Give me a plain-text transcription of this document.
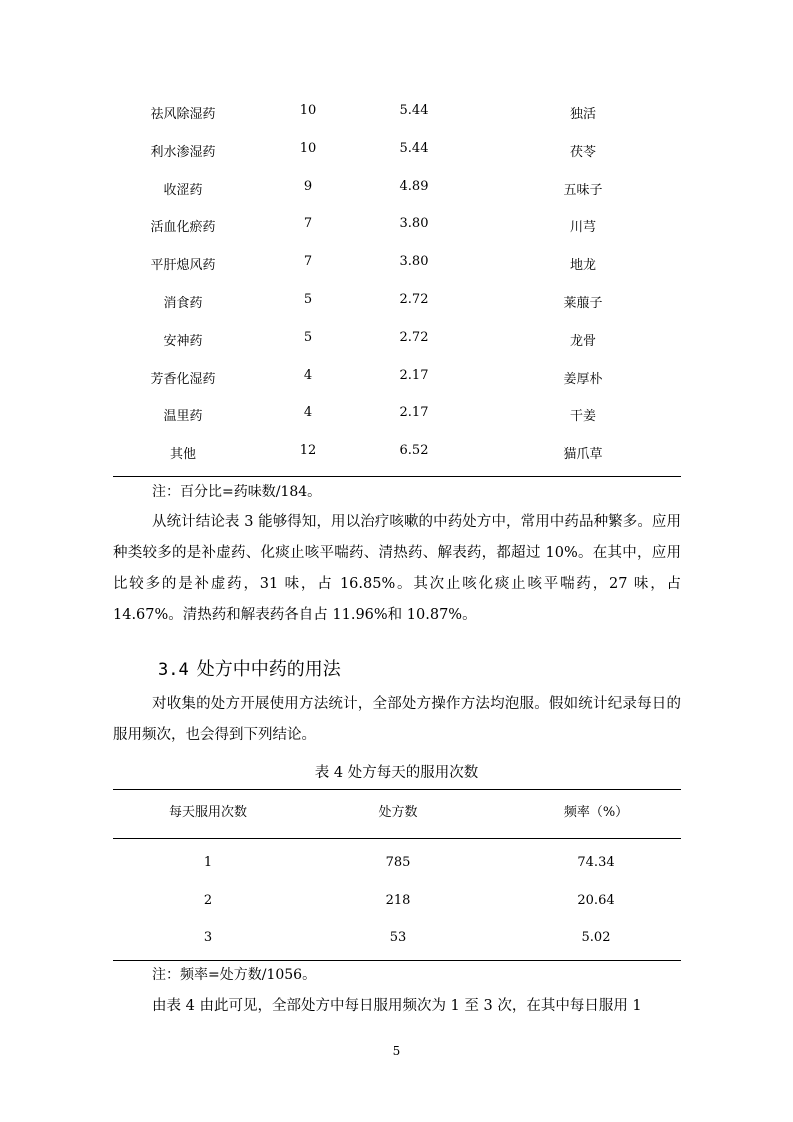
祛风除湿药	10	5.44	独活
利水渗湿药	10	5.44	茯苓
收涩药	9	4.89	五味子
活血化瘀药	7	3.80	川芎
平肝熄风药	7	3.80	地龙
消食药	5	2.72	莱菔子
安神药	5	2.72	龙骨
芳香化湿药	4	2.17	姜厚朴
温里药	4	2.17	干姜
其他	12	6.52	猫爪草
注：百分比=药味数/184。

从统计结论表 3 能够得知，用以治疗咳嗽的中药处方中，常用中药品种繁多。应用种类较多的是补虚药、化痰止咳平喘药、清热药、解表药，都超过 10%。在其中，应用比较多的是补虚药，31 味，占 16.85%。其次止咳化痰止咳平喘药，27 味，占 14.67%。清热药和解表药各自占 11.96%和 10.87%。

3.4 处方中中药的用法

对收集的处方开展使用方法统计，全部处方操作方法均泡服。假如统计纪录每日的服用频次，也会得到下列结论。

表 4 处方每天的服用次数
每天服用次数	处方数	频率（%）
1	785	74.34
2	218	20.64
3	53	5.02
注：频率=处方数/1056。

由表 4 由此可见，全部处方中每日服用频次为 1 至 3 次，在其中每日服用 1

5
